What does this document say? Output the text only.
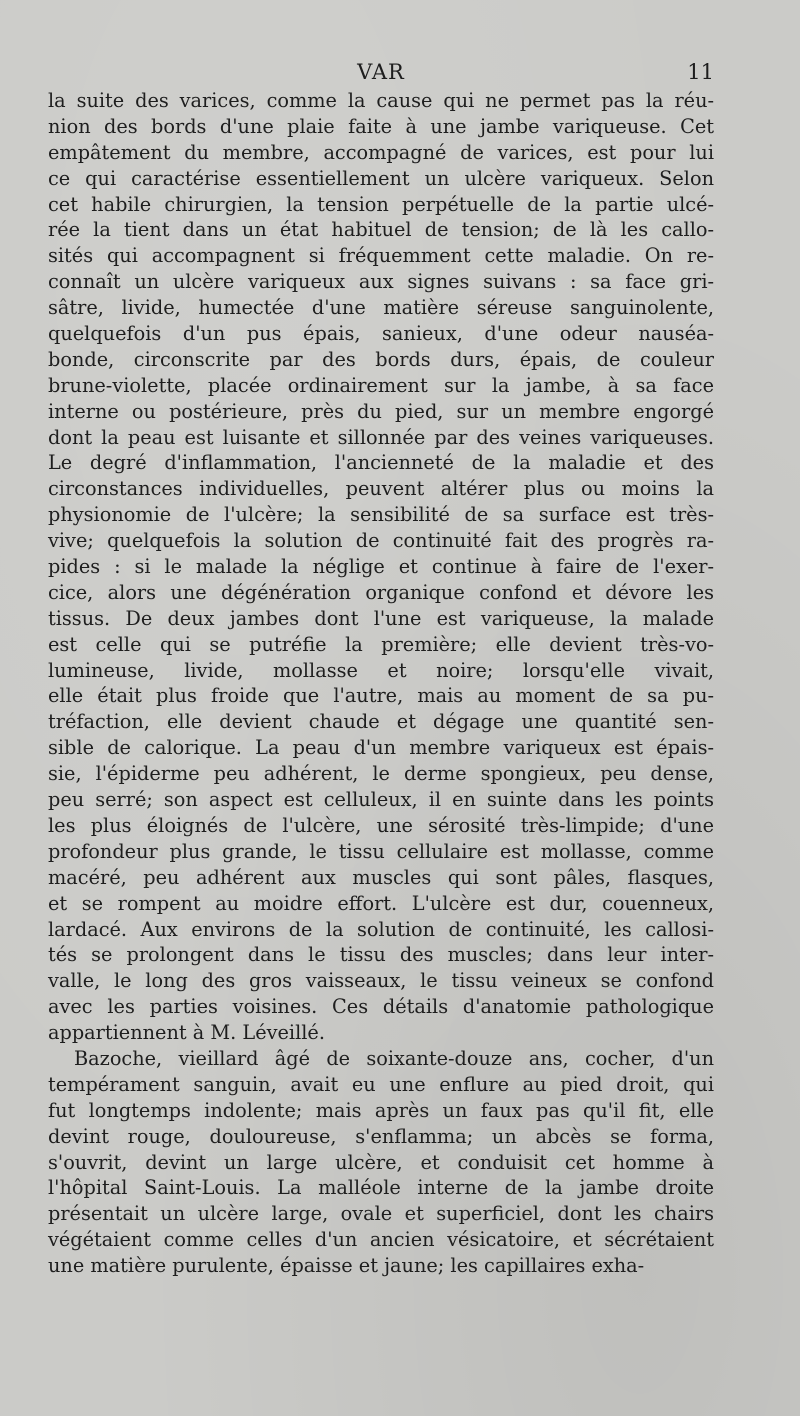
VAR	11
la suite des varices, comme la cause qui ne permet pas la réu-
nion des bords d'une plaie faite à une jambe variqueuse. Cet
empâtement du membre, accompagné de varices, est pour lui
ce qui caractérise essentiellement un ulcère variqueux. Selon
cet habile chirurgien, la tension perpétuelle de la partie ulcé-
rée la tient dans un état habituel de tension; de là les callo-
sités qui accompagnent si fréquemment cette maladie. On re-
connaît un ulcère variqueux aux signes suivans : sa face gri-
sâtre, livide, humectée d'une matière séreuse sanguinolente,
quelquefois d'un pus épais, sanieux, d'une odeur nauséa-
bonde, circonscrite par des bords durs, épais, de couleur
brune-violette, placée ordinairement sur la jambe, à sa face
interne ou postérieure, près du pied, sur un membre engorgé
dont la peau est luisante et sillonnée par des veines variqueuses.
Le degré d'inflammation, l'ancienneté de la maladie et des
circonstances individuelles, peuvent altérer plus ou moins la
physionomie de l'ulcère; la sensibilité de sa surface est très-
vive; quelquefois la solution de continuité fait des progrès ra-
pides : si le malade la néglige et continue à faire de l'exer-
cice, alors une dégénération organique confond et dévore les
tissus. De deux jambes dont l'une est variqueuse, la malade
est celle qui se putréfie la première; elle devient très-vo-
lumineuse, livide, mollasse et noire; lorsqu'elle vivait,
elle était plus froide que l'autre, mais au moment de sa pu-
tréfaction, elle devient chaude et dégage une quantité sen-
sible de calorique. La peau d'un membre variqueux est épais-
sie, l'épiderme peu adhérent, le derme spongieux, peu dense,
peu serré; son aspect est celluleux, il en suinte dans les points
les plus éloignés de l'ulcère, une sérosité très-limpide; d'une
profondeur plus grande, le tissu cellulaire est mollasse, comme
macéré, peu adhérent aux muscles qui sont pâles, flasques,
et se rompent au moidre effort. L'ulcère est dur, couenneux,
lardacé. Aux environs de la solution de continuité, les callosi-
tés se prolongent dans le tissu des muscles; dans leur inter-
valle, le long des gros vaisseaux, le tissu veineux se confond
avec les parties voisines. Ces détails d'anatomie pathologique
appartiennent à M. Léveillé.
Bazoche, vieillard âgé de soixante-douze ans, cocher, d'un
tempérament sanguin, avait eu une enflure au pied droit, qui
fut longtemps indolente; mais après un faux pas qu'il fit, elle
devint rouge, douloureuse, s'enflamma; un abcès se forma,
s'ouvrit, devint un large ulcère, et conduisit cet homme à
l'hôpital Saint-Louis. La malléole interne de la jambe droite
présentait un ulcère large, ovale et superficiel, dont les chairs
végétaient comme celles d'un ancien vésicatoire, et sécrétaient
une matière purulente, épaisse et jaune; les capillaires exha-
